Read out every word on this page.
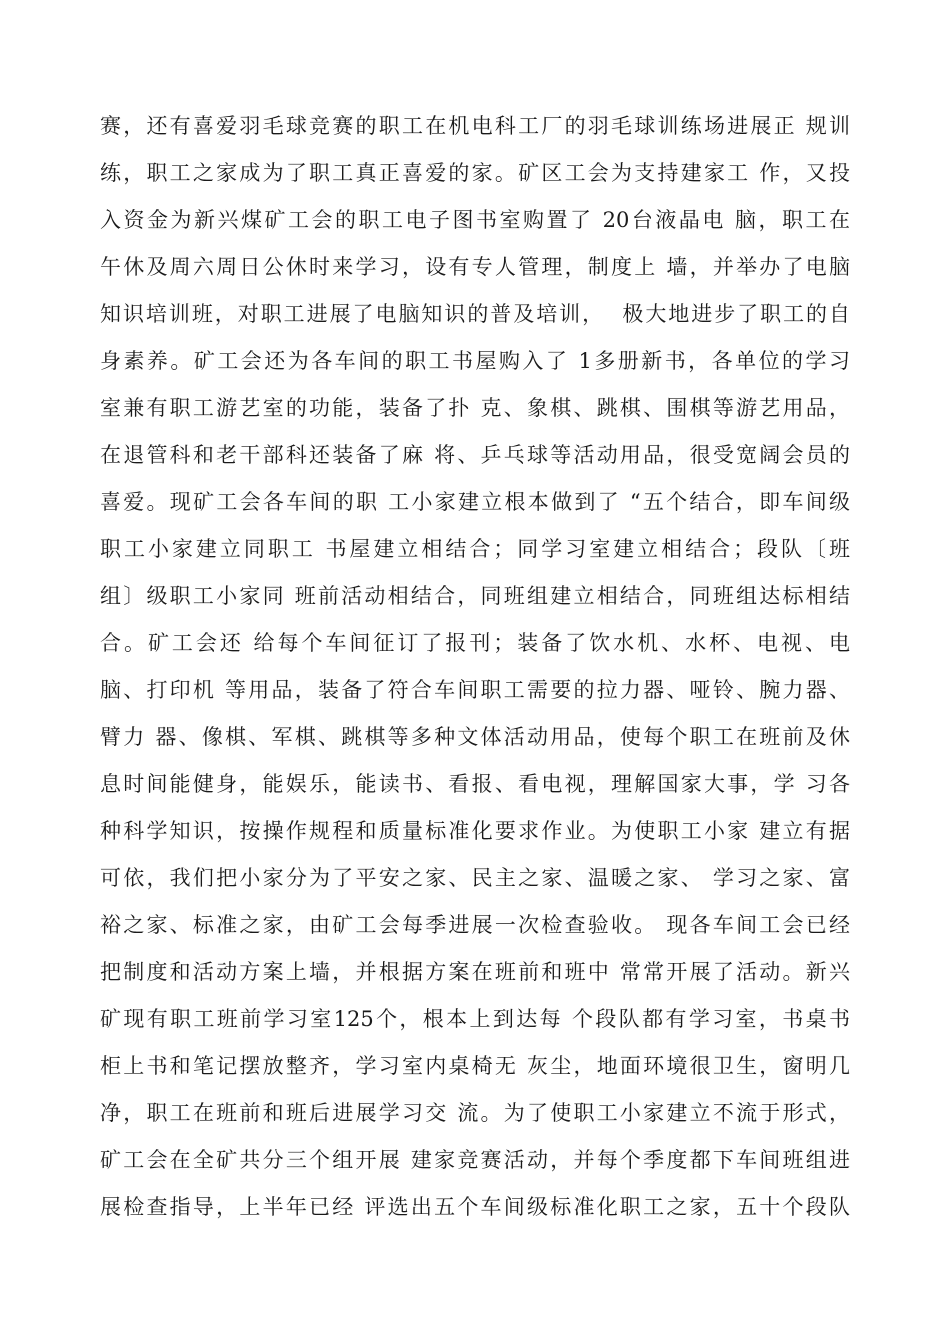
赛，还有喜爱羽毛球竞赛的职工在机电科工厂的羽毛球训练场进展正 规训
练，职工之家成为了职工真正喜爱的家。矿区工会为支持建家工 作，又投
入资金为新兴煤矿工会的职工电子图书室购置了 20台液晶电 脑，职工在
午休及周六周日公休时来学习，设有专人管理，制度上 墙，并举办了电脑
知识培训班，对职工进展了电脑知识的普及培训，  极大地进步了职工的自
身素养。矿工会还为各车间的职工书屋购入了 1多册新书，各单位的学习
室兼有职工游艺室的功能，装备了扑 克、象棋、跳棋、围棋等游艺用品，
在退管科和老干部科还装备了麻 将、乒乓球等活动用品，很受宽阔会员的
喜爱。现矿工会各车间的职 工小家建立根本做到了 “五个结合，即车间级
职工小家建立同职工 书屋建立相结合；同学习室建立相结合；段队〔班
组〕级职工小家同 班前活动相结合，同班组建立相结合，同班组达标相结
合。矿工会还 给每个车间征订了报刊；装备了饮水机、水杯、电视、电
脑、打印机 等用品，装备了符合车间职工需要的拉力器、哑铃、腕力器、
臂力 器、像棋、军棋、跳棋等多种文体活动用品，使每个职工在班前及休
息时间能健身，能娱乐，能读书、看报、看电视，理解国家大事，学 习各
种科学知识，按操作规程和质量标准化要求作业。为使职工小家 建立有据
可依，我们把小家分为了平安之家、民主之家、温暖之家、 学习之家、富
裕之家、标准之家，由矿工会每季进展一次检查验收。 现各车间工会已经
把制度和活动方案上墙，并根据方案在班前和班中 常常开展了活动。新兴
矿现有职工班前学习室125个，根本上到达每 个段队都有学习室，书桌书
柜上书和笔记摆放整齐，学习室内桌椅无 灰尘，地面环境很卫生，窗明几
净，职工在班前和班后进展学习交 流。为了使职工小家建立不流于形式，
矿工会在全矿共分三个组开展 建家竞赛活动，并每个季度都下车间班组进
展检查指导，上半年已经 评选出五个车间级标准化职工之家，五十个段队
